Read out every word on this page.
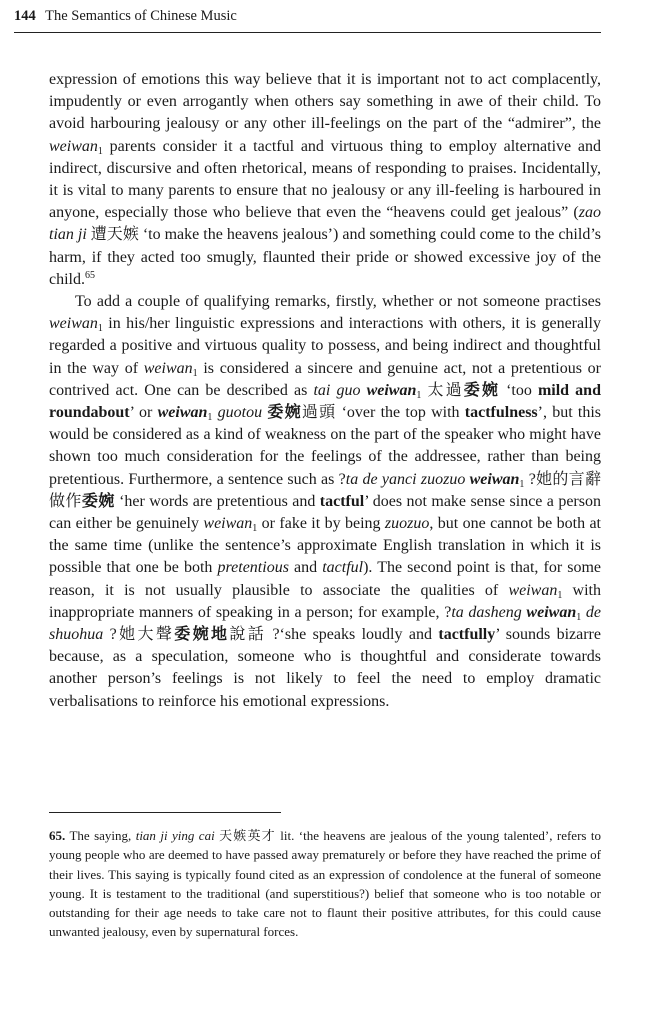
144 The Semantics of Chinese Music

expression of emotions this way believe that it is important not to act complacently, impudently or even arrogantly when others say something in awe of their child. To avoid harbouring jealousy or any other ill-feelings on the part of the “admirer”, the weiwan$_1$ parents consider it a tactful and virtuous thing to employ alternative and indirect, discursive and often rhetorical, means of responding to praises. Incidentally, it is vital to many parents to ensure that no jealousy or any ill-feeling is harboured in anyone, especially those who believe that even the “heavens could get jealous” (zao tian ji 遭天嫉 ‘to make the heavens jealous’) and something could come to the child’s harm, if they acted too smugly, flaunted their pride or showed excessive joy of the child.$^{65}$

To add a couple of qualifying remarks, firstly, whether or not someone practises weiwan$_1$ in his/her linguistic expressions and interactions with others, it is generally regarded a positive and virtuous quality to possess, and being indirect and thoughtful in the way of weiwan$_1$ is considered a sincere and genuine act, not a pretentious or contrived act. One can be described as tai guo weiwan$_1$ 太過委婉 ‘too mild and roundabout’ or weiwan$_1$ guotou 委婉過頭 ‘over the top with tactfulness’, but this would be considered as a kind of weakness on the part of the speaker who might have shown too much consideration for the feelings of the addressee, rather than being pretentious. Furthermore, a sentence such as ?ta de yanci zuozuo weiwan$_1$ ?她的言辭做作委婉 ‘her words are pretentious and tactful’ does not make sense since a person can either be genuinely weiwan$_1$ or fake it by being zuozuo, but one cannot be both at the same time (unlike the sentence’s approximate English translation in which it is possible that one be both pretentious and tactful). The second point is that, for some reason, it is not usually plausible to associate the qualities of weiwan$_1$ with inappropriate manners of speaking in a person; for example, ?ta dasheng weiwan$_1$ de shuohua ?她大聲委婉地說話 ?‘she speaks loudly and tactfully’ sounds bizarre because, as a speculation, someone who is thoughtful and considerate towards another person’s feelings is not likely to feel the need to employ dramatic verbalisations to reinforce his emotional expressions.

65. The saying, tian ji ying cai 天嫉英才 lit. ‘the heavens are jealous of the young talented’, refers to young people who are deemed to have passed away prematurely or before they have reached the prime of their lives. This saying is typically found cited as an expression of condolence at the funeral of someone young. It is testament to the traditional (and superstitious?) belief that someone who is too notable or outstanding for their age needs to take care not to flaunt their positive attributes, for this could cause unwanted jealousy, even by supernatural forces.
